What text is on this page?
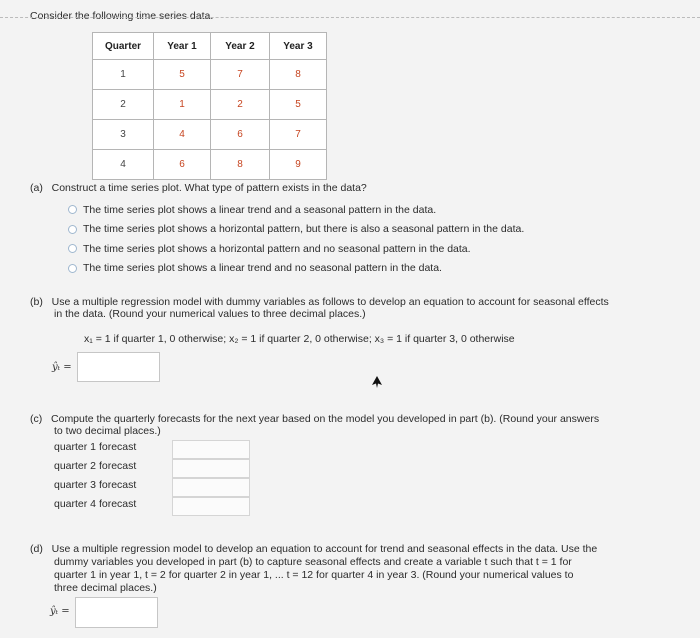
Consider the following time series data.
Quarter	Year 1	Year 2	Year 3
1	5	7	8
2	1	2	5
3	4	6	7
4	6	8	9
(a) Construct a time series plot. What type of pattern exists in the data?
The time series plot shows a linear trend and a seasonal pattern in the data.
The time series plot shows a horizontal pattern, but there is also a seasonal pattern in the data.
The time series plot shows a horizontal pattern and no seasonal pattern in the data.
The time series plot shows a linear trend and no seasonal pattern in the data.
(b) Use a multiple regression model with dummy variables as follows to develop an equation to account for seasonal effects
in the data. (Round your numerical values to three decimal places.)
x₁ = 1 if quarter 1, 0 otherwise; x₂ = 1 if quarter 2, 0 otherwise; x₃ = 1 if quarter 3, 0 otherwise
ŷₜ =
(c) Compute the quarterly forecasts for the next year based on the model you developed in part (b). (Round your answers
to two decimal places.)
quarter 1 forecast
quarter 2 forecast
quarter 3 forecast
quarter 4 forecast
(d) Use a multiple regression model to develop an equation to account for trend and seasonal effects in the data. Use the
dummy variables you developed in part (b) to capture seasonal effects and create a variable t such that t = 1 for
quarter 1 in year 1, t = 2 for quarter 2 in year 1, ... t = 12 for quarter 4 in year 3. (Round your numerical values to
three decimal places.)
ŷₜ =
